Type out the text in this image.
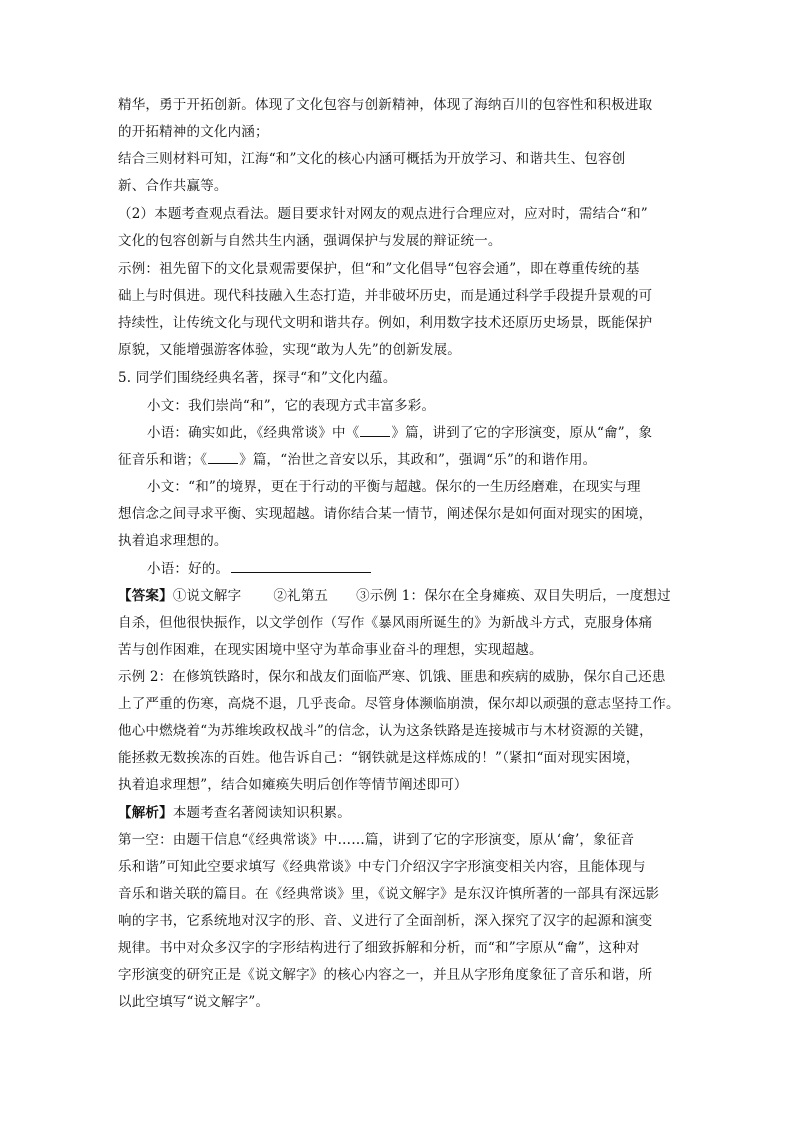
精华，勇于开拓创新。体现了文化包容与创新精神，体现了海纳百川的包容性和积极进取
的开拓精神的文化内涵；
结合三则材料可知，江海“和”文化的核心内涵可概括为开放学习、和谐共生、包容创
新、合作共赢等。
（2）本题考查观点看法。题目要求针对网友的观点进行合理应对，应对时，需结合“和”
文化的包容创新与自然共生内涵，强调保护与发展的辩证统一。
示例：祖先留下的文化景观需要保护，但“和”文化倡导“包容会通”，即在尊重传统的基
础上与时俱进。现代科技融入生态打造，并非破坏历史，而是通过科学手段提升景观的可
持续性，让传统文化与现代文明和谐共存。例如，利用数字技术还原历史场景，既能保护
原貌，又能增强游客体验，实现“敢为人先”的创新发展。
5. 同学们围绕经典名著，探寻“和”文化内蕴。
小文：我们崇尚“和”，它的表现方式丰富多彩。
小语：确实如此，《经典常谈》中《 》篇，讲到了它的字形演变，原从“龠”，象
征音乐和谐；《 》篇，“治世之音安以乐，其政和”，强调“乐”的和谐作用。
小文：“和”的境界，更在于行动的平衡与超越。保尔的一生历经磨难，在现实与理
想信念之间寻求平衡、实现超越。请你结合某一情节，阐述保尔是如何面对现实的困境，
执着追求理想的。
小语：好的。
【答案】①说文解字 ②礼第五 ③示例 1：保尔在全身瘫痪、双目失明后，一度想过
自杀，但他很快振作，以文学创作（写作《暴风雨所诞生的》为新战斗方式，克服身体痛
苦与创作困难，在现实困境中坚守为革命事业奋斗的理想，实现超越。
示例 2：在修筑铁路时，保尔和战友们面临严寒、饥饿、匪患和疾病的威胁，保尔自己还患
上了严重的伤寒，高烧不退，几乎丧命。尽管身体濒临崩溃，保尔却以顽强的意志坚持工作。
他心中燃烧着“为苏维埃政权战斗”的信念，认为这条铁路是连接城市与木材资源的关键，
能拯救无数挨冻的百姓。他告诉自己：“钢铁就是这样炼成的！”（紧扣“面对现实困境，
执着追求理想”，结合如瘫痪失明后创作等情节阐述即可）
【解析】本题考查名著阅读知识积累。
第一空：由题干信息“《经典常谈》中……篇，讲到了它的字形演变，原从‘龠’，象征音
乐和谐”可知此空要求填写《经典常谈》中专门介绍汉字字形演变相关内容，且能体现与
音乐和谐关联的篇目。在《经典常谈》里，《说文解字》是东汉许慎所著的一部具有深远影
响的字书，它系统地对汉字的形、音、义进行了全面剖析，深入探究了汉字的起源和演变
规律。书中对众多汉字的字形结构进行了细致拆解和分析，而“和”字原从“龠”，这种对
字形演变的研究正是《说文解字》的核心内容之一，并且从字形角度象征了音乐和谐，所
以此空填写“说文解字”。
